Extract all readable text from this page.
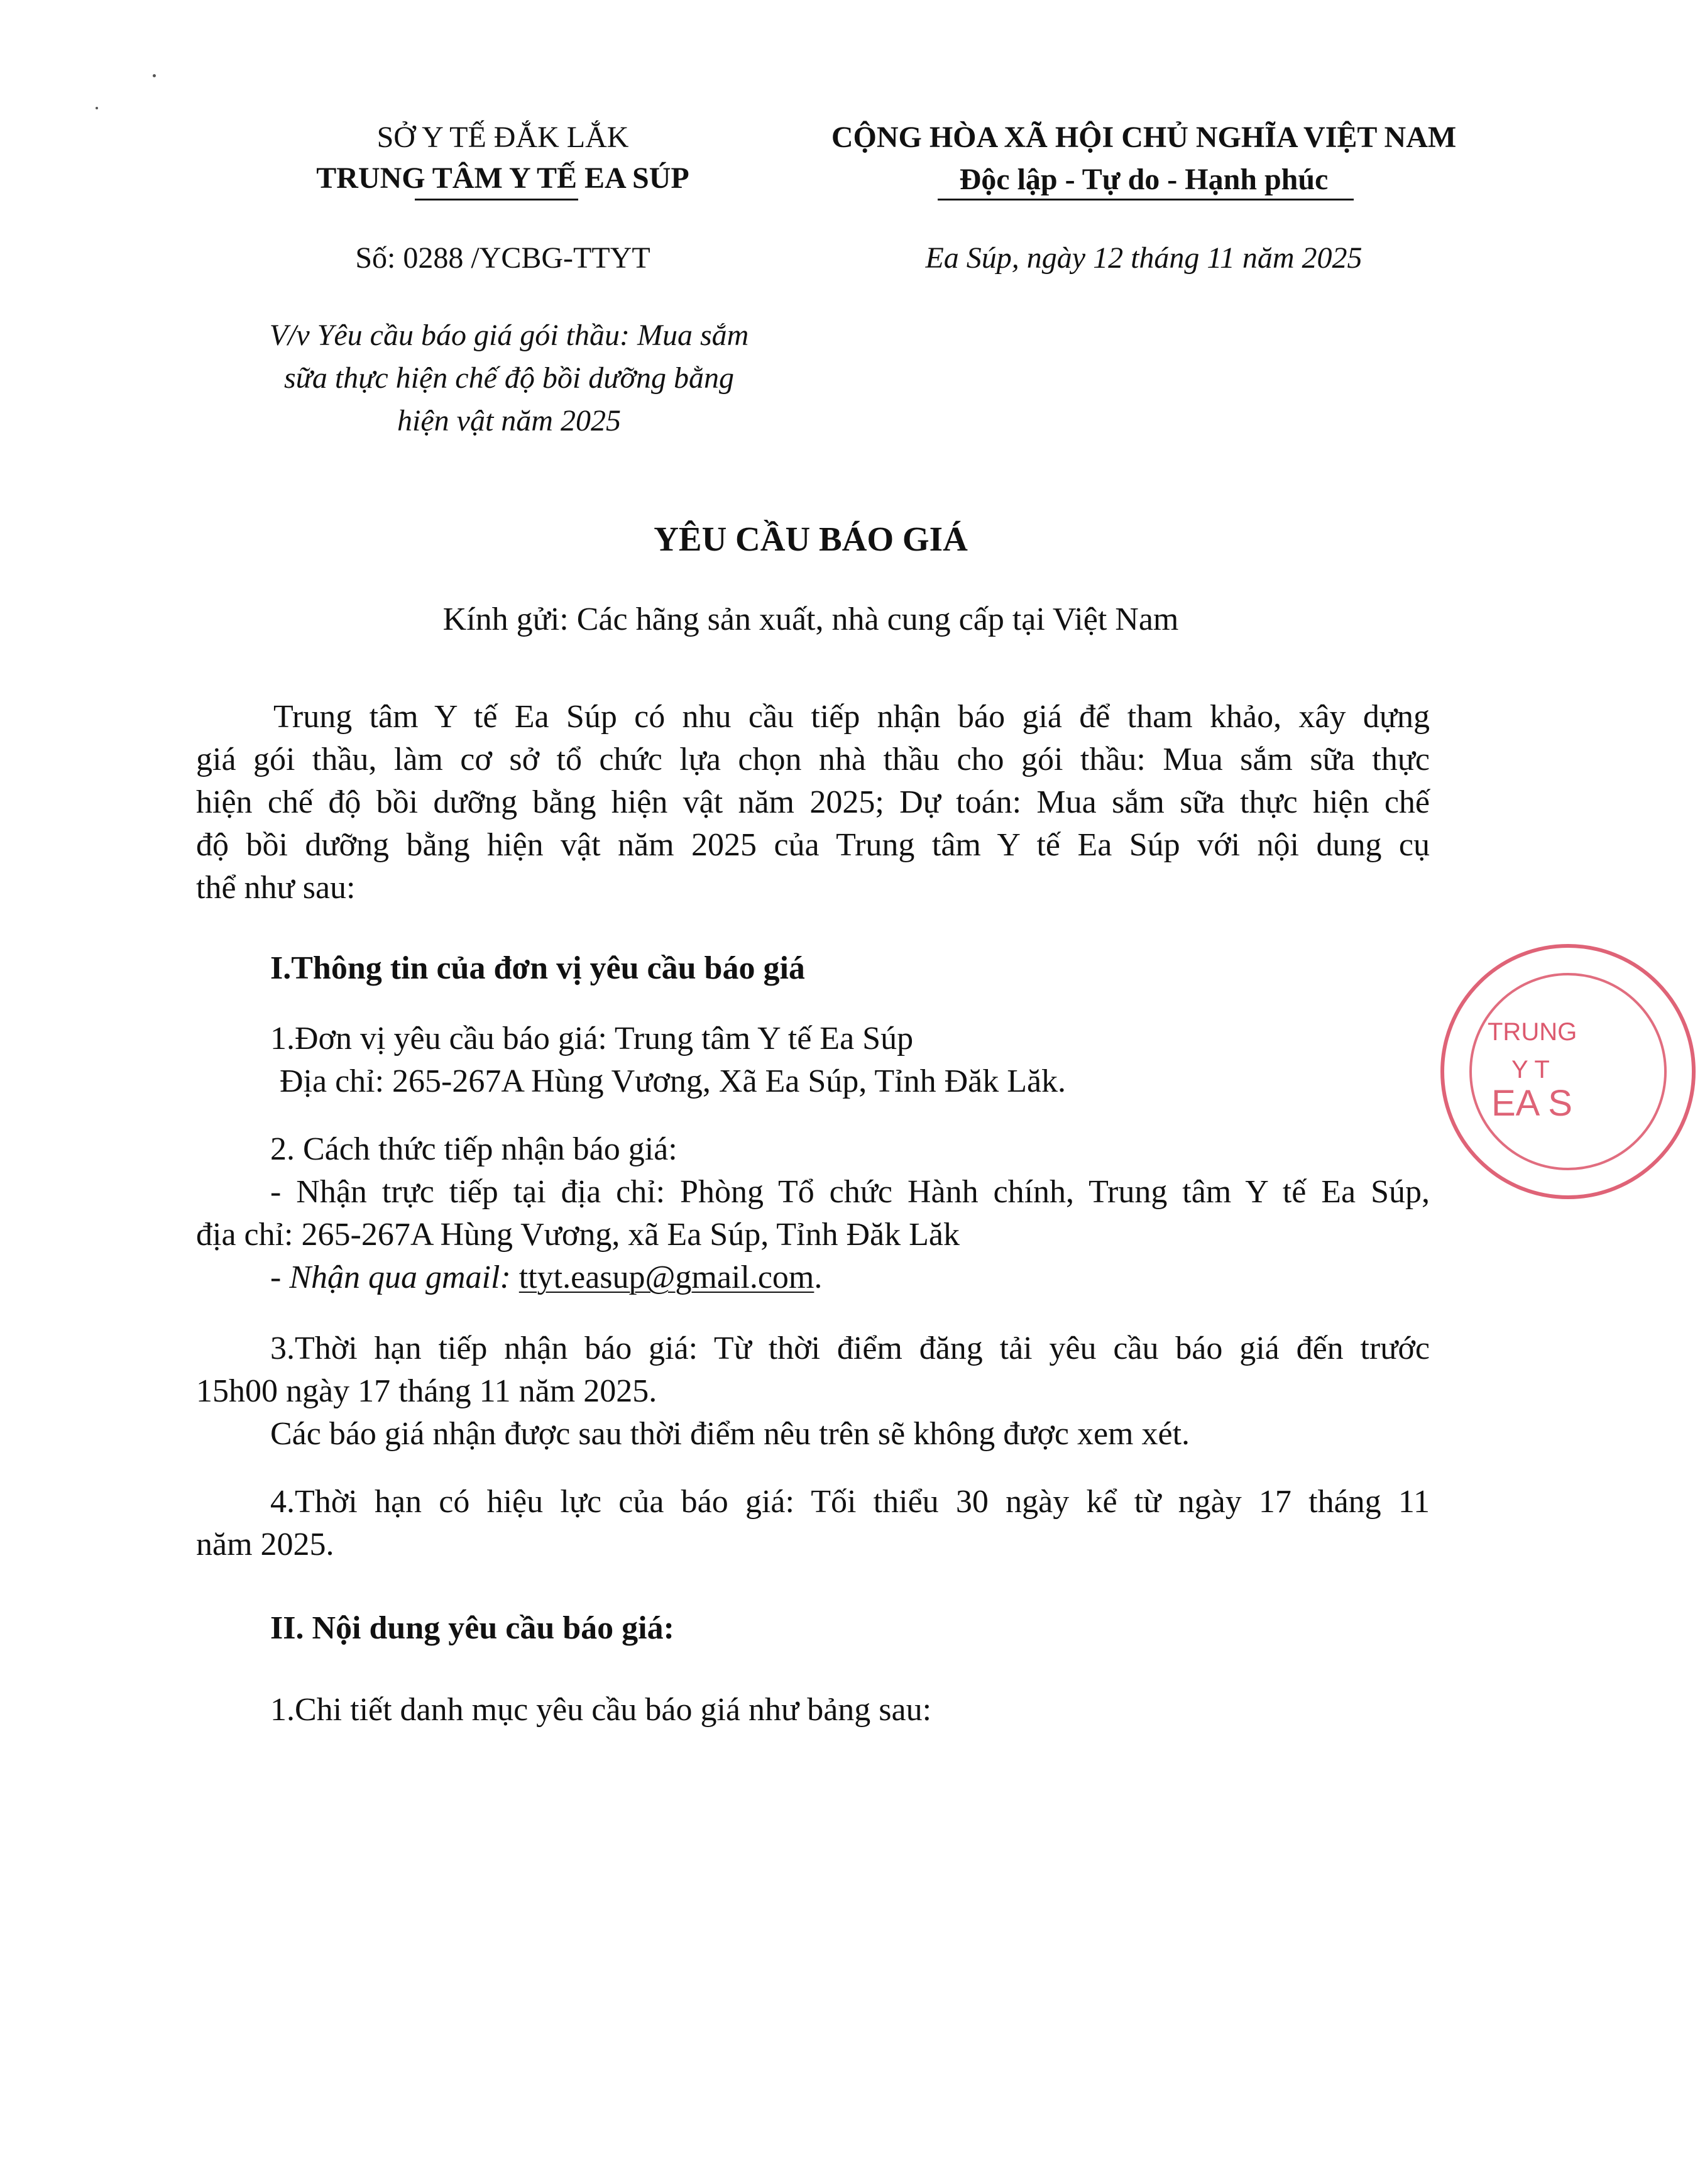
SỞ Y TẾ ĐẮK LẮK
TRUNG TÂM Y TẾ EA SÚP
CỘNG HÒA XÃ HỘI CHỦ NGHĨA VIỆT NAM
Độc lập - Tự do - Hạnh phúc
Số: 0288 /YCBG-TTYT	Ea Súp, ngày 12 tháng 11 năm 2025
V/v Yêu cầu báo giá gói thầu: Mua sắm
sữa thực hiện chế độ bồi dưỡng bằng
hiện vật năm 2025
YÊU CẦU BÁO GIÁ
Kính gửi: Các hãng sản xuất, nhà cung cấp tại Việt Nam
Trung tâm Y tế Ea Súp có nhu cầu tiếp nhận báo giá để tham khảo, xây dựng
giá gói thầu, làm cơ sở tổ chức lựa chọn nhà thầu cho gói thầu: Mua sắm sữa thực
hiện chế độ bồi dưỡng bằng hiện vật năm 2025; Dự toán: Mua sắm sữa thực hiện chế
độ bồi dưỡng bằng hiện vật năm 2025 của Trung tâm Y tế Ea Súp với nội dung cụ
thể như sau:
I.Thông tin của đơn vị yêu cầu báo giá
1.Đơn vị yêu cầu báo giá: Trung tâm Y tế Ea Súp
Địa chỉ: 265-267A Hùng Vương, Xã Ea Súp, Tỉnh Đăk Lăk.
2. Cách thức tiếp nhận báo giá:
- Nhận trực tiếp tại địa chỉ: Phòng Tổ chức Hành chính, Trung tâm Y tế Ea Súp,
địa chỉ: 265-267A Hùng Vương, xã Ea Súp, Tỉnh Đăk Lăk
- Nhận qua gmail: ttyt.easup@gmail.com.
3.Thời hạn tiếp nhận báo giá: Từ thời điểm đăng tải yêu cầu báo giá đến trước
15h00 ngày 17 tháng 11 năm 2025.
Các báo giá nhận được sau thời điểm nêu trên sẽ không được xem xét.
4.Thời hạn có hiệu lực của báo giá: Tối thiểu 30 ngày kể từ ngày 17 tháng 11
năm 2025.
II. Nội dung yêu cầu báo giá:
1.Chi tiết danh mục yêu cầu báo giá như bảng sau:
TRUNG
Y T
EA S
